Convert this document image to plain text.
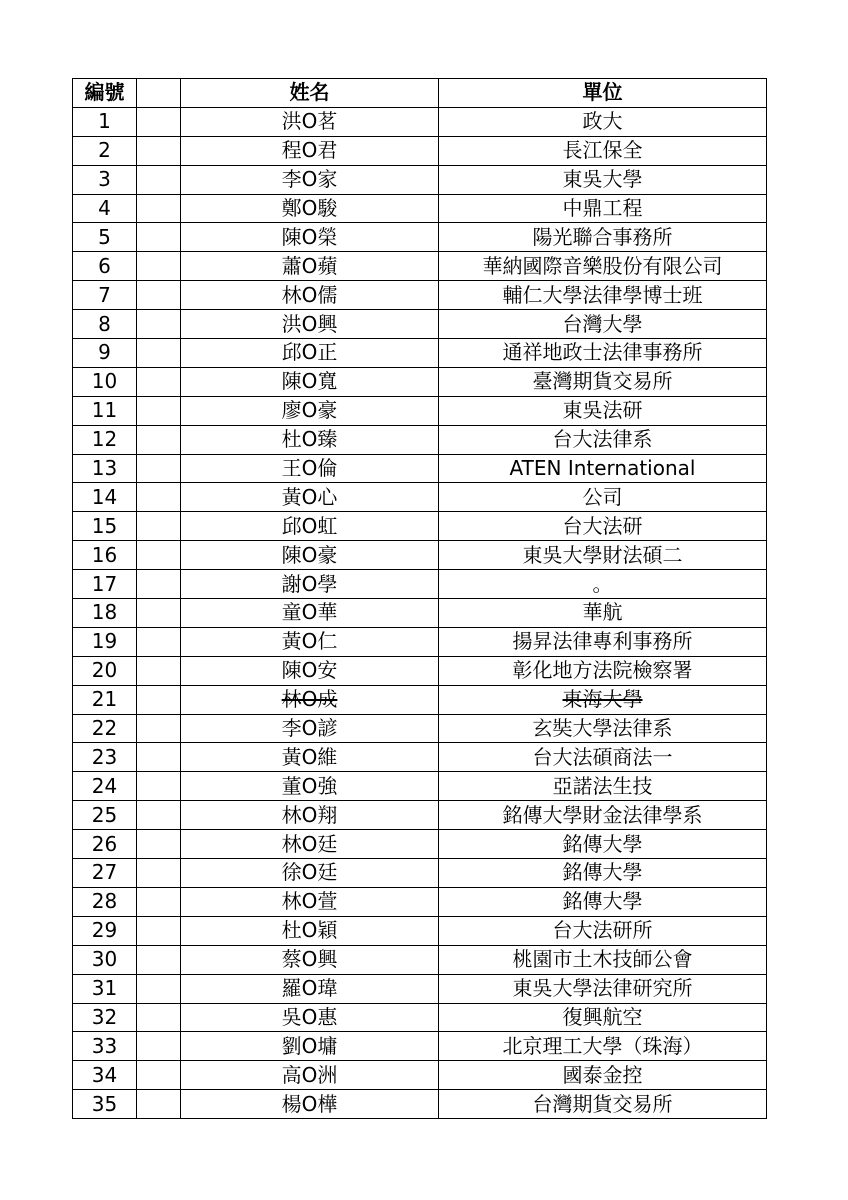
編號		姓名	單位
1		洪O茗	政大
2		程O君	長江保全
3		李O家	東吳大學
4		鄭O駿	中鼎工程
5		陳O榮	陽光聯合事務所
6		蕭O蘋	華納國際音樂股份有限公司
7		林O儒	輔仁大學法律學博士班
8		洪O興	台灣大學
9		邱O正	通祥地政士法律事務所
10		陳O寬	臺灣期貨交易所
11		廖O豪	東吳法研
12		杜O臻	台大法律系
13		王O倫	ATEN International
14		黃O心	公司
15		邱O虹	台大法研
16		陳O豪	東吳大學財法碩二
17		謝O學	。
18		童O華	華航
19		黃O仁	揚昇法律專利事務所
20		陳O安	彰化地方法院檢察署
21		林O成	東海大學
22		李O諺	玄奘大學法律系
23		黃O維	台大法碩商法一
24		董O強	亞諾法生技
25		林O翔	銘傳大學財金法律學系
26		林O廷	銘傳大學
27		徐O廷	銘傳大學
28		林O萱	銘傳大學
29		杜O穎	台大法研所
30		蔡O興	桃園市土木技師公會
31		羅O瑋	東吳大學法律研究所
32		吳O惠	復興航空
33		劉O墉	北京理工大學（珠海）
34		高O洲	國泰金控
35		楊O樺	台灣期貨交易所
